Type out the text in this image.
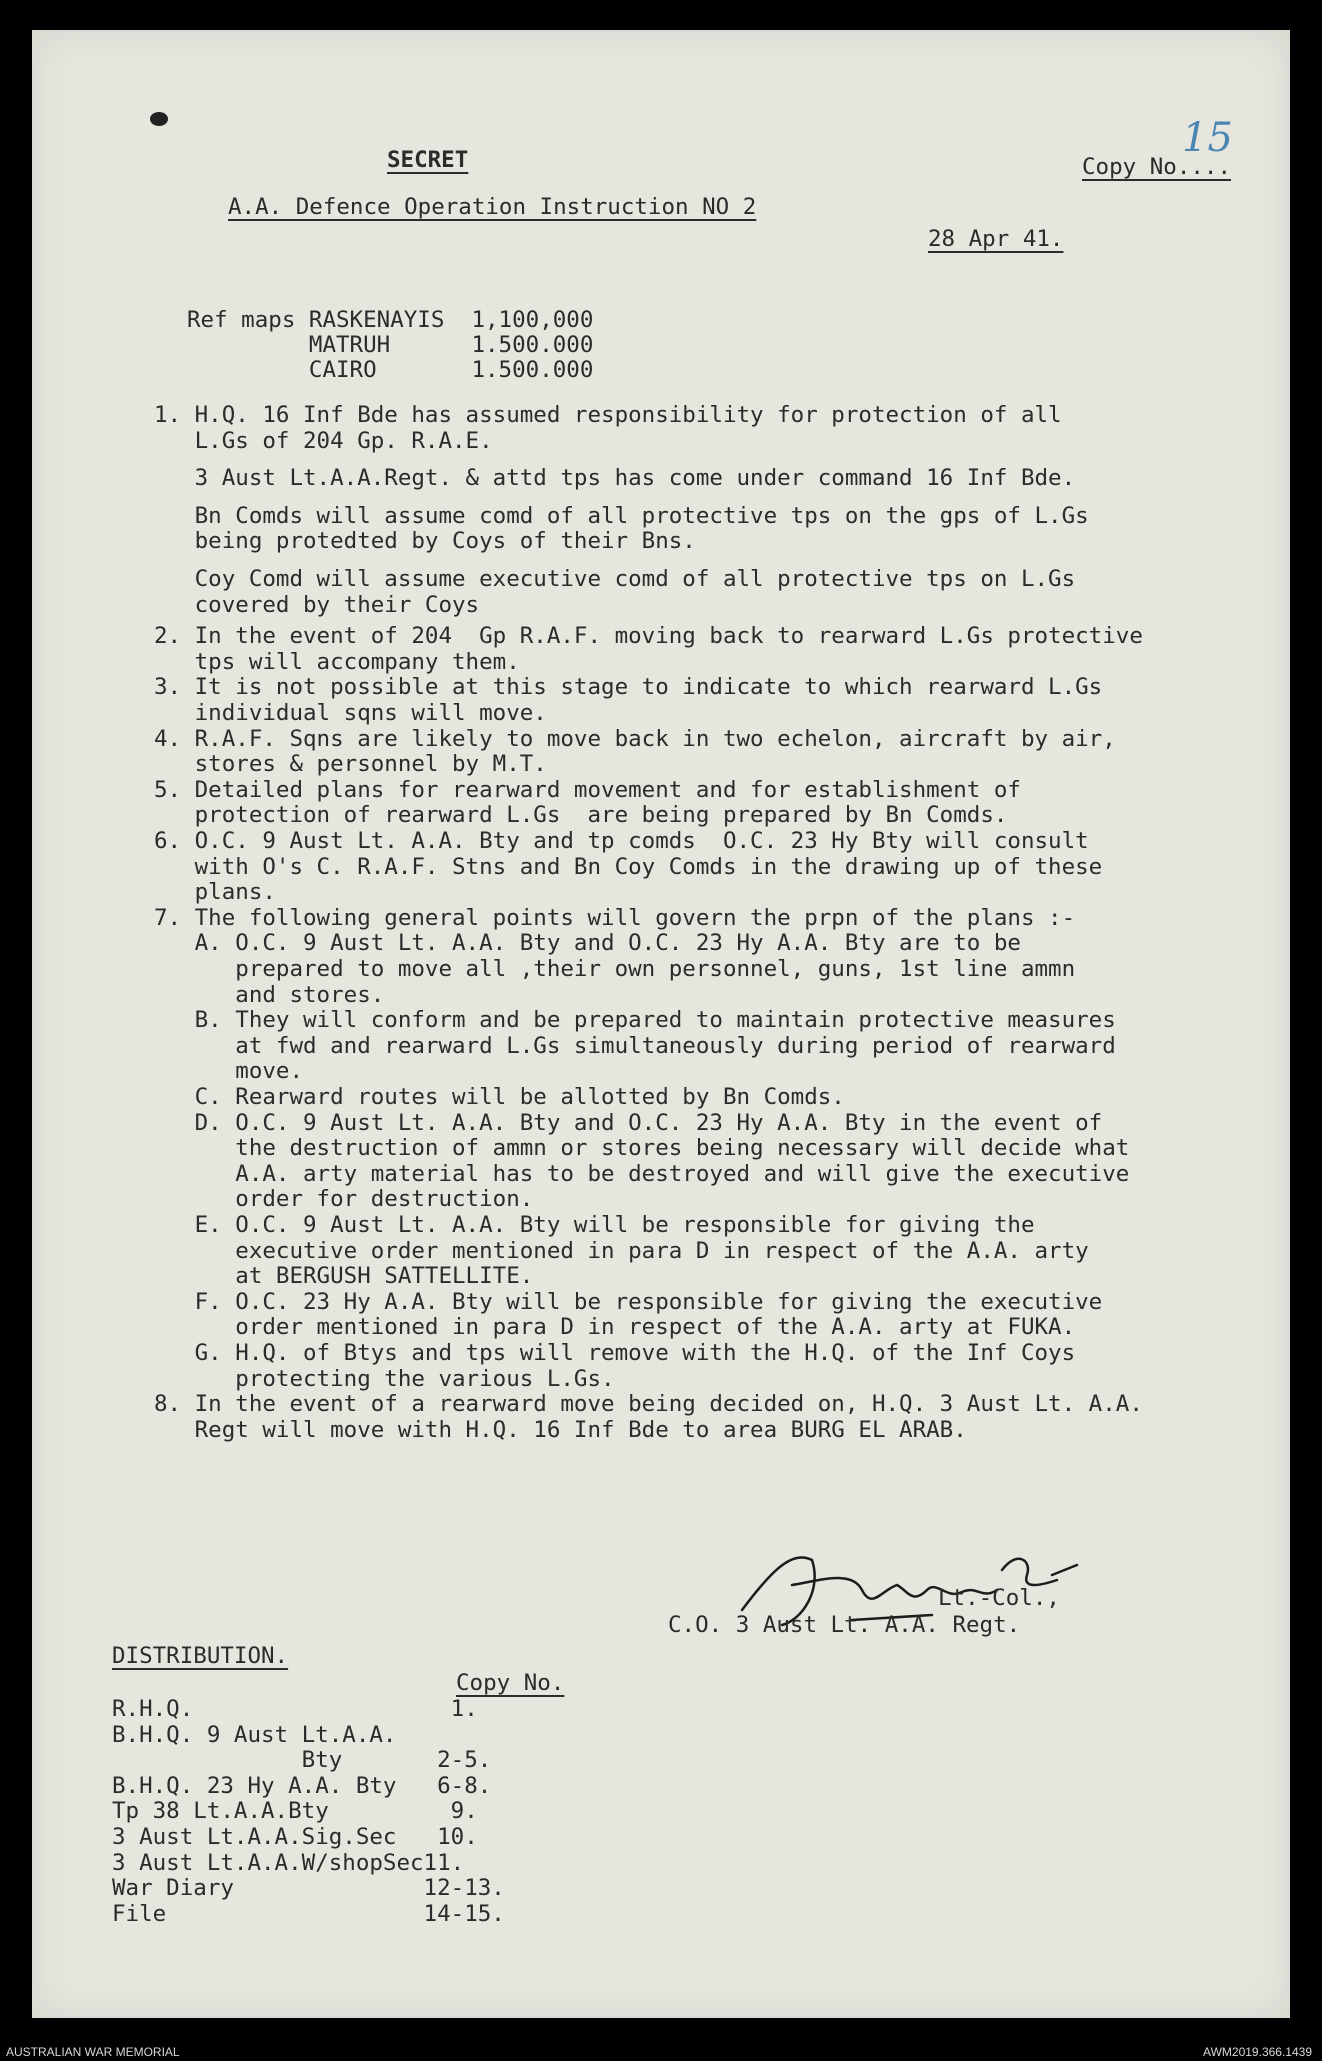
SECRET	Copy No....
15
A.A. Defence Operation Instruction NO 2
28 Apr 41.
Ref maps RASKENAYIS  1,100,000
MATRUH      1.500.000
CAIRO       1.500.000
1. H.Q. 16 Inf Bde has assumed responsibility for protection of all
L.Gs of 204 Gp. R.A.E.
3 Aust Lt.A.A.Regt. & attd tps has come under command 16 Inf Bde.
Bn Comds will assume comd of all protective tps on the gps of L.Gs
being protedted by Coys of their Bns.
Coy Comd will assume executive comd of all protective tps on L.Gs
covered by their Coys
2. In the event of 204  Gp R.A.F. moving back to rearward L.Gs protective
tps will accompany them.
3. It is not possible at this stage to indicate to which rearward L.Gs
individual sqns will move.
4. R.A.F. Sqns are likely to move back in two echelon, aircraft by air,
stores & personnel by M.T.
5. Detailed plans for rearward movement and for establishment of
protection of rearward L.Gs  are being prepared by Bn Comds.
6. O.C. 9 Aust Lt. A.A. Bty and tp comds  O.C. 23 Hy Bty will consult
with O's C. R.A.F. Stns and Bn Coy Comds in the drawing up of these
plans.
7. The following general points will govern the prpn of the plans :-
A. O.C. 9 Aust Lt. A.A. Bty and O.C. 23 Hy A.A. Bty are to be
prepared to move all ,their own personnel, guns, 1st line ammn
and stores.
B. They will conform and be prepared to maintain protective measures
at fwd and rearward L.Gs simultaneously during period of rearward
move.
C. Rearward routes will be allotted by Bn Comds.
D. O.C. 9 Aust Lt. A.A. Bty and O.C. 23 Hy A.A. Bty in the event of
the destruction of ammn or stores being necessary will decide what
A.A. arty material has to be destroyed and will give the executive
order for destruction.
E. O.C. 9 Aust Lt. A.A. Bty will be responsible for giving the
executive order mentioned in para D in respect of the A.A. arty
at BERGUSH SATTELLITE.
F. O.C. 23 Hy A.A. Bty will be responsible for giving the executive
order mentioned in para D in respect of the A.A. arty at FUKA.
G. H.Q. of Btys and tps will remove with the H.Q. of the Inf Coys
protecting the various L.Gs.
8. In the event of a rearward move being decided on, H.Q. 3 Aust Lt. A.A.
Regt will move with H.Q. 16 Inf Bde to area BURG EL ARAB.
Lt.-Col.,
C.O. 3 Aust Lt. A.A. Regt.
DISTRIBUTION.
Copy No.
R.H.Q.                   1.
B.H.Q. 9 Aust Lt.A.A.
Bty       2-5.
B.H.Q. 23 Hy A.A. Bty   6-8.
Tp 38 Lt.A.A.Bty         9.
3 Aust Lt.A.A.Sig.Sec   10.
3 Aust Lt.A.A.W/shopSec11.
War Diary              12-13.
File                   14-15.
AUSTRALIAN WAR MEMORIAL	AWM2019.366.1439
